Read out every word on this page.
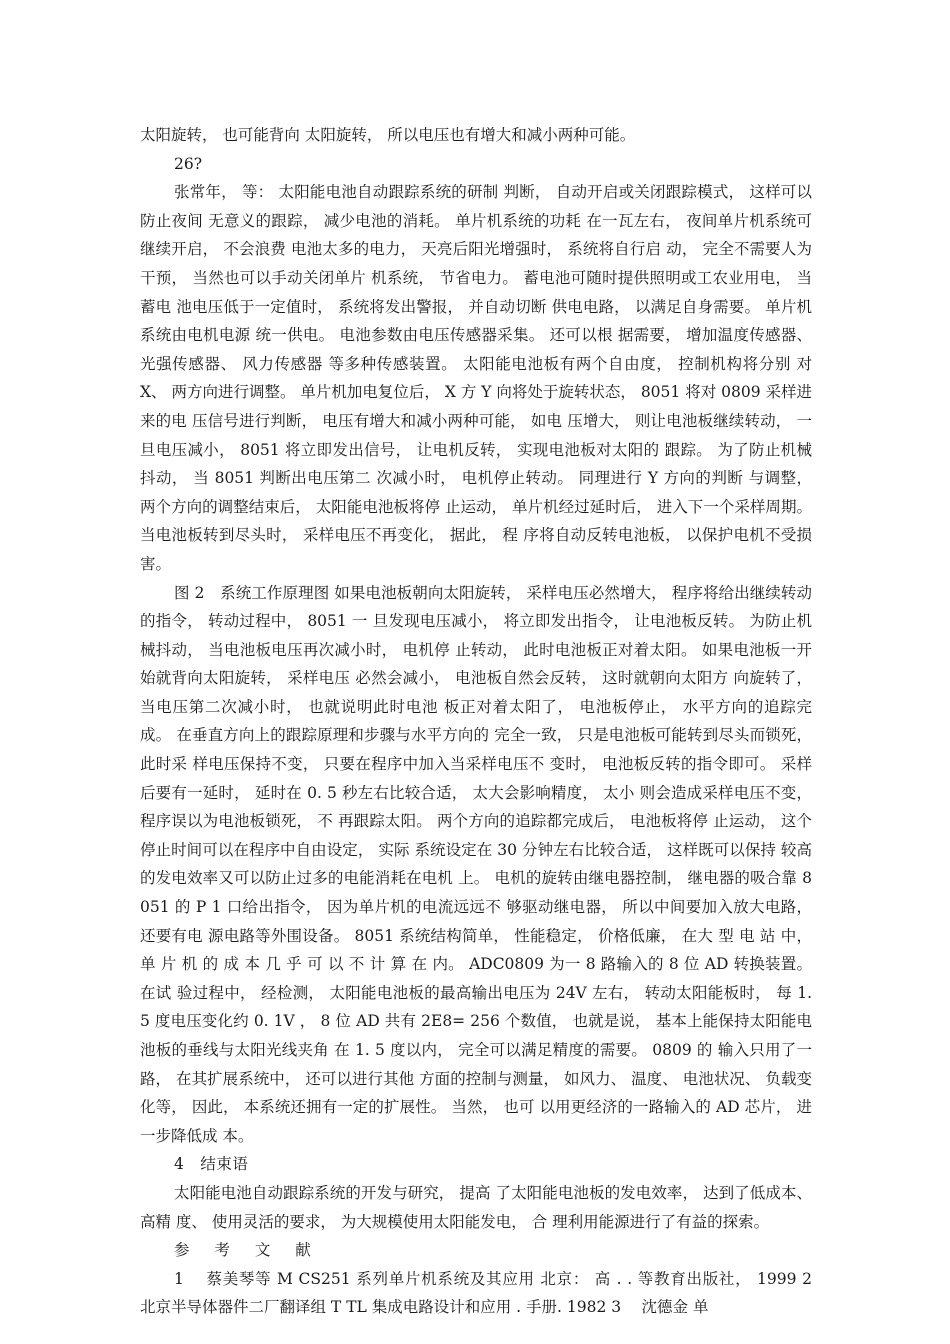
太阳旋转， 也可能背向 太阳旋转， 所以电压也有增大和减小两种可能。

26?

张常年， 等： 太阳能电池自动跟踪系统的研制 判断， 自动开启或关闭跟踪模式， 这样可以防止夜间 无意义的跟踪， 减少电池的消耗。 单片机系统的功耗 在一瓦左右， 夜间单片机系统可继续开启， 不会浪费 电池太多的电力， 天亮后阳光增强时， 系统将自行启 动， 完全不需要人为干预， 当然也可以手动关闭单片 机系统， 节省电力。 蓄电池可随时提供照明或工农业用电， 当蓄电 池电压低于一定值时， 系统将发出警报， 并自动切断 供电电路， 以满足自身需要。 单片机系统由电机电源 统一供电。 电池参数由电压传感器采集。 还可以根 据需要， 增加温度传感器、 光强传感器、 风力传感器 等多种传感装置。 太阳能电池板有两个自由度， 控制机构将分别 对 X、 两方向进行调整。 单片机加电复位后， X 方 Y 向将处于旋转状态， 8051 将对 0809 采样进来的电 压信号进行判断， 电压有增大和减小两种可能， 如电 压增大， 则让电池板继续转动， 一旦电压减小， 8051 将立即发出信号， 让电机反转， 实现电池板对太阳的 跟踪。 为了防止机械抖动， 当 8051 判断出电压第二 次减小时， 电机停止转动。 同理进行 Y 方向的判断 与调整， 两个方向的调整结束后， 太阳能电池板将停 止运动， 单片机经过延时后， 进入下一个采样周期。 当电池板转到尽头时， 采样电压不再变化， 据此， 程 序将自动反转电池板， 以保护电机不受损害。

图 2　系统工作原理图 如果电池板朝向太阳旋转， 采样电压必然增大， 程序将给出继续转动的指令， 转动过程中， 8051 一 旦发现电压减小， 将立即发出指令， 让电池板反转。 为防止机械抖动， 当电池板电压再次减小时， 电机停 止转动， 此时电池板正对着太阳。 如果电池板一开始就背向太阳旋转， 采样电压 必然会减小， 电池板自然会反转， 这时就朝向太阳方 向旋转了， 当电压第二次减小时， 也就说明此时电池 板正对着太阳了， 电池板停止， 水平方向的追踪完 成。 在垂直方向上的跟踪原理和步骤与水平方向的 完全一致， 只是电池板可能转到尽头而锁死， 此时采 样电压保持不变， 只要在程序中加入当采样电压不 变时， 电池板反转的指令即可。 采样后要有一延时， 延时在 0. 5 秒左右比较合适， 太大会影响精度， 太小 则会造成采样电压不变， 程序误以为电池板锁死， 不 再跟踪太阳。 两个方向的追踪都完成后， 电池板将停 止运动， 这个停止时间可以在程序中自由设定， 实际 系统设定在 30 分钟左右比较合适， 这样既可以保持 较高的发电效率又可以防止过多的电能消耗在电机 上。 电机的旋转由继电器控制， 继电器的吸合靠 8051 的 P 1 口给出指令， 因为单片机的电流远远不 够驱动继电器， 所以中间要加入放大电路， 还要有电 源电路等外围设备。 8051 系统结构简单， 性能稳定， 价格低廉， 在大 型 电 站 中， 单 片 机 的 成 本 几 乎 可 以 不 计 算 在 内。 ADC0809 为一 8 路输入的 8 位 AD 转换装置。在试 验过程中， 经检测， 太阳能电池板的最高输出电压为 24V 左右， 转动太阳能板时， 每 1. 5 度电压变化约 0. 1V ， 8 位 AD 共有 2E8= 256 个数值， 也就是说， 基本上能保持太阳能电池板的垂线与太阳光线夹角 在 1. 5 度以内， 完全可以满足精度的需要。 0809 的 输入只用了一路， 在其扩展系统中， 还可以进行其他 方面的控制与测量， 如风力、 温度、 电池状况、 负载变 化等， 因此， 本系统还拥有一定的扩展性。 当然， 也可 以用更经济的一路输入的 AD 芯片， 进一步降低成 本。

4　结束语

太阳能电池自动跟踪系统的开发与研究， 提高 了太阳能电池板的发电效率， 达到了低成本、 高精 度、 使用灵活的要求， 为大规模使用太阳能发电， 合 理利用能源进行了有益的探索。

参 考 文 献

1　 蔡美琴等 M CS251 系列单片机系统及其应用 北京： 高 . . 等教育出版社， 1999 2　 北京半导体器件二厂翻译组 T TL 集成电路设计和应用 . 手册. 1982 3　 沈德金 单
